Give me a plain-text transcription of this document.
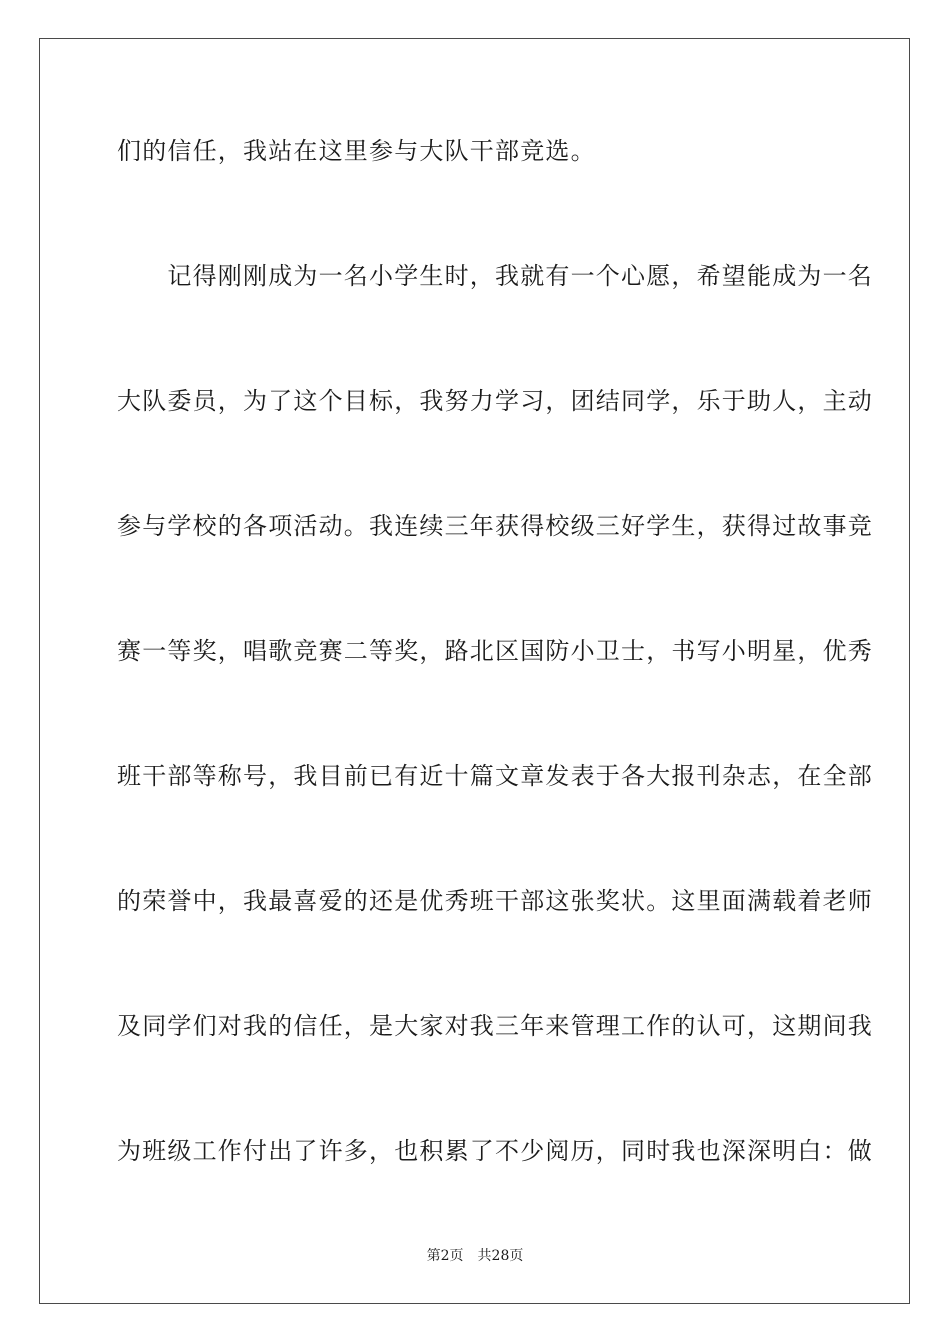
们的信任，我站在这里参与大队干部竞选。
　　记得刚刚成为一名小学生时，我就有一个心愿，希望能成为一名
大队委员，为了这个目标，我努力学习，团结同学，乐于助人，主动
参与学校的各项活动。我连续三年获得校级三好学生，获得过故事竞
赛一等奖，唱歌竞赛二等奖，路北区国防小卫士，书写小明星，优秀
班干部等称号，我目前已有近十篇文章发表于各大报刊杂志，在全部
的荣誉中，我最喜爱的还是优秀班干部这张奖状。这里面满载着老师
及同学们对我的信任，是大家对我三年来管理工作的认可，这期间我
为班级工作付出了许多，也积累了不少阅历，同时我也深深明白：做
第2页 共28页
